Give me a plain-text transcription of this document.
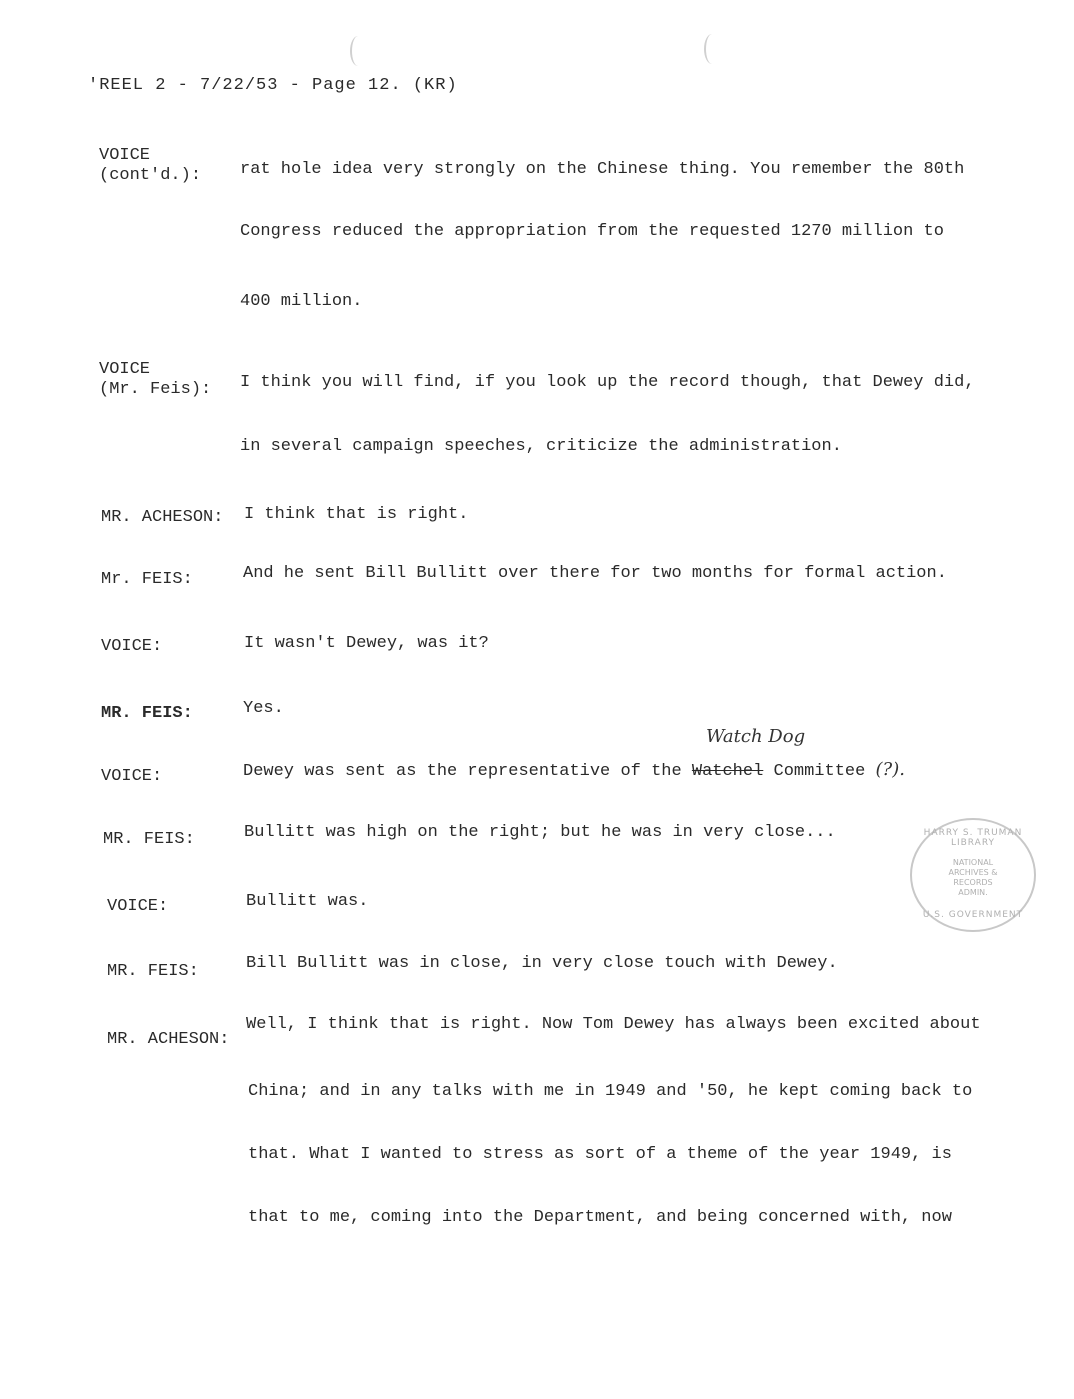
'REEL 2 - 7/22/53 - Page 12. (KR)
VOICE
(cont'd.): rat hole idea very strongly on the Chinese thing. You remember the 80th
Congress reduced the appropriation from the requested 1270 million to
400 million.
VOICE
(Mr. Feis): I think you will find, if you look up the record though, that Dewey did,
in several campaign speeches, criticize the administration.
MR. ACHESON: I think that is right.
Mr. FEIS:	And he sent Bill Bullitt over there for two months for formal action.
VOICE:	It wasn't Dewey, was it?
MR. FEIS:	Yes.
Watch Dog
VOICE:	Dewey was sent as the representative of the Watchel Committee (?).
MR. FEIS:	Bullitt was high on the right; but he was in very close...
VOICE:	Bullitt was.
MR. FEIS:	Bill Bullitt was in close, in very close touch with Dewey.
MR. ACHESON:
Well, I think that is right. Now Tom Dewey has always been excited about
China; and in any talks with me in 1949 and '50, he kept coming back to
that. What I wanted to stress as sort of a theme of the year 1949, is
that to me, coming into the Department, and being concerned with, now
HARRY S. TRUMAN LIBRARY
NATIONAL
ARCHIVES &
RECORDS
ADMIN.
U.S. GOVERNMENT
